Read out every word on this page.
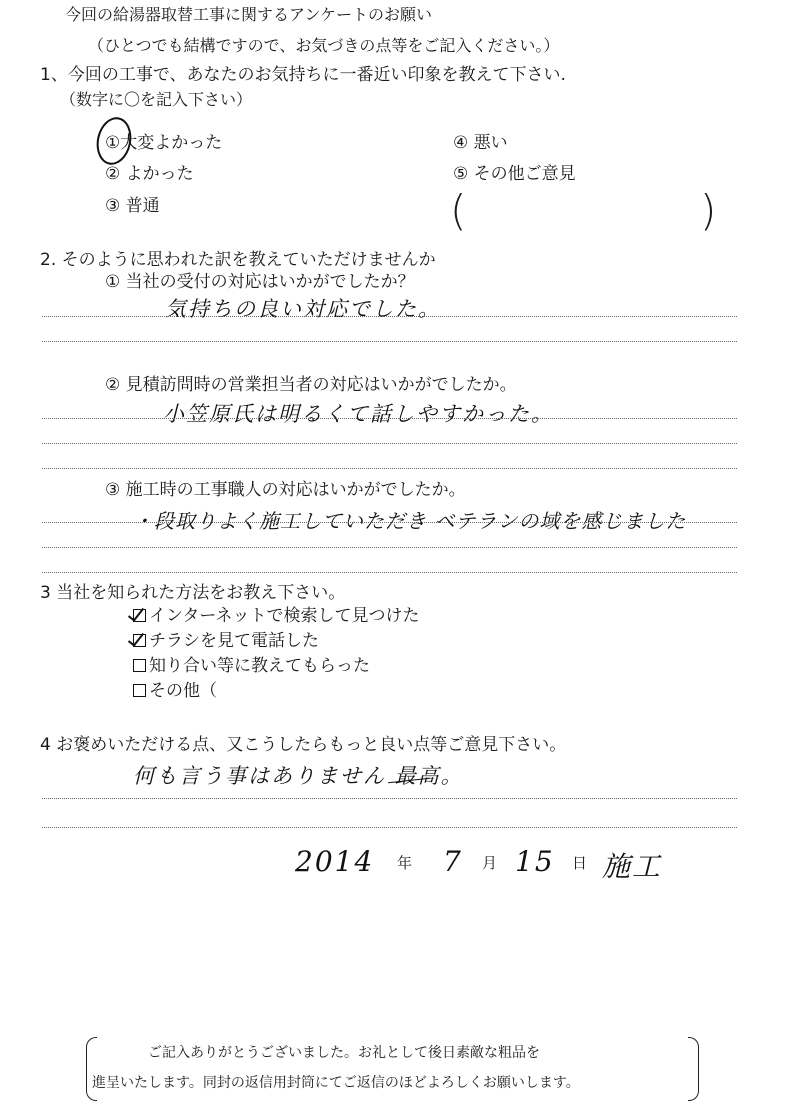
今回の給湯器取替工事に関するアンケートのお願い
（ひとつでも結構ですので、お気づきの点等をご記入ください。）
1、今回の工事で、あなたのお気持ちに一番近い印象を教えて下さい.
（数字に〇を記入下さい）
①大変よかった
② よかった
③ 普通
④ 悪い
⑤ その他ご意見
(	)
2. そのように思われた訳を教えていただけませんか
① 当社の受付の対応はいかがでしたか？
気持ちの良い対応でした。
② 見積訪問時の営業担当者の対応はいかがでしたか。
小笠原氏は明るくて話しやすかった。
③ 施工時の工事職人の対応はいかがでしたか。
・段取りよく施工していただき ベテランの域を感じました
3 当社を知られた方法をお教え下さい。
インターネットで検索して見つけた
チラシを見て電話した
知り合い等に教えてもらった
その他（
4 お褒めいただける点、又こうしたらもっと良い点等ご意見下さい。
何も言う事はありません 最高。
2014 年 7 月 15 日 施工
ご記入ありがとうございました。お礼として後日素敵な粗品を
進呈いたします。同封の返信用封筒にてご返信のほどよろしくお願いします。
